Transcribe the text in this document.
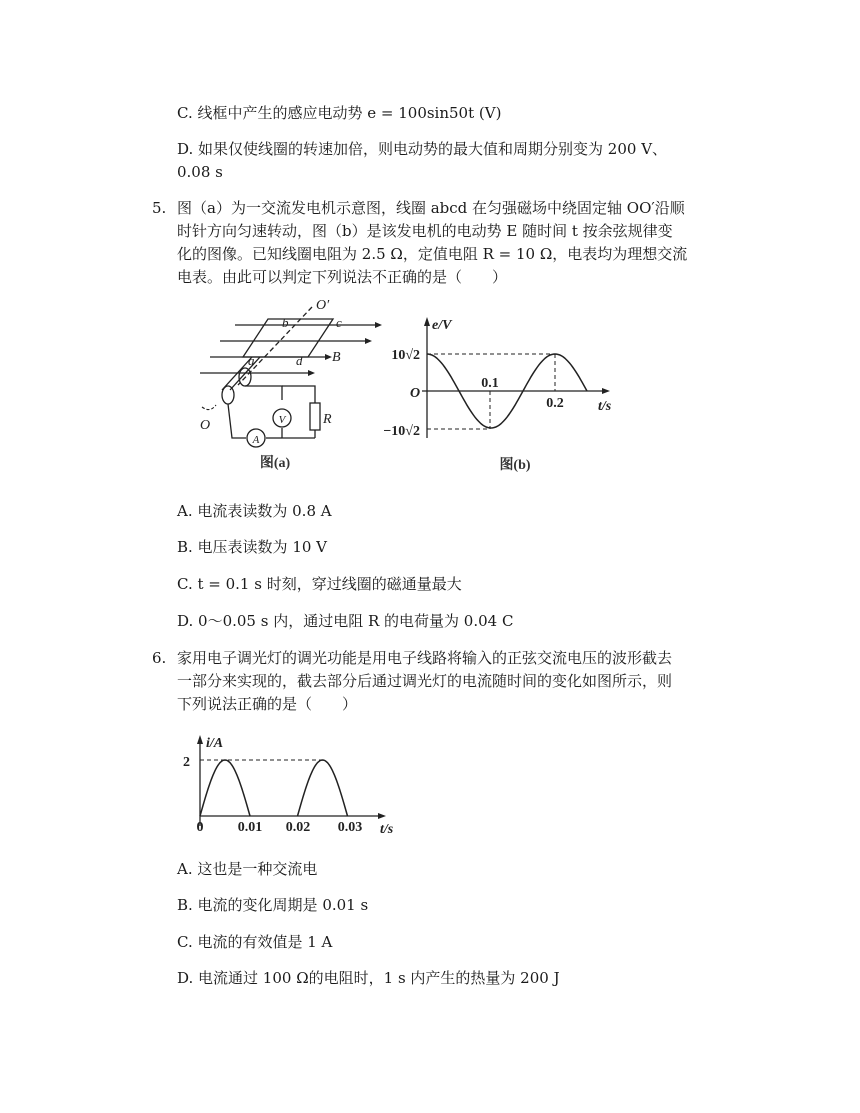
C. 线框中产生的感应电动势 e = 100sin50t (V)
D. 如果仅使线圈的转速加倍，则电动势的最大值和周期分别变为 200 V、
0.08 s
5. 图（a）为一交流发电机示意图，线圈 abcd 在匀强磁场中绕固定轴 OO′沿顺
时针方向匀速转动，图（b）是该发电机的电动势 E 随时间 t 按余弦规律变
化的图像。已知线圈电阻为 2.5 Ω，定值电阻 R = 10 Ω，电表均为理想交流
电表。由此可以判定下列说法不正确的是（　　）
O′
b	c
a	d B
O	R
V
A
图(a)
e/V
t/s
O
10√2
−10√2
0.1
0.2
图(b)
A. 电流表读数为 0.8 A
B. 电压表读数为 10 V
C. t = 0.1 s 时刻，穿过线圈的磁通量最大
D. 0～0.05 s 内，通过电阻 R 的电荷量为 0.04 C
6. 家用电子调光灯的调光功能是用电子线路将输入的正弦交流电压的波形截去
一部分来实现的，截去部分后通过调光灯的电流随时间的变化如图所示，则
下列说法正确的是（　　）
i/A
2
0 0.01 0.02 0.03 t/s
A. 这也是一种交流电
B. 电流的变化周期是 0.01 s
C. 电流的有效值是 1 A
D. 电流通过 100 Ω的电阻时，1 s 内产生的热量为 200 J
